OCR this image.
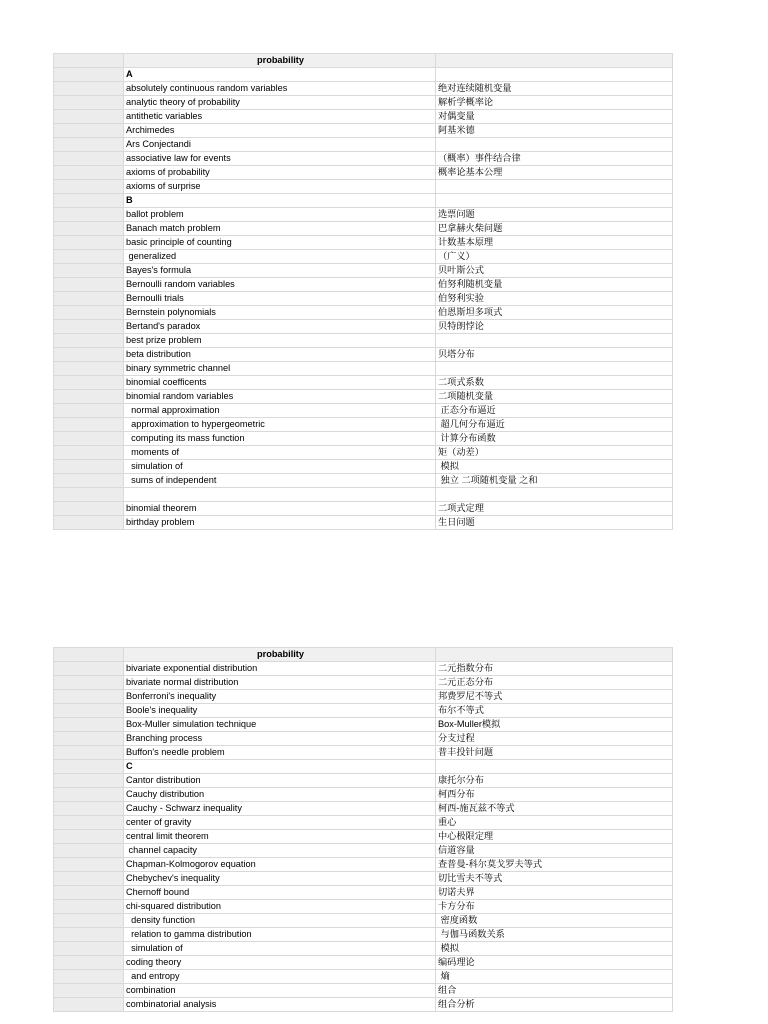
	probability	
	A	
	absolutely continuous random variables	绝对连续随机变量
	analytic theory of probability	解析学概率论
	antithetic variables	对偶变量
	Archimedes	阿基米德
	Ars Conjectandi	
	associative law for events	（概率）事件结合律
	axioms of probability	概率论基本公理
	axioms of surprise	
	B	
	ballot problem	选票问题
	Banach match problem	巴拿赫火柴问题
	basic principle of counting	计数基本原理
	generalized	（广义）
	Bayes's formula	贝叶斯公式
	Bernoulli random variables	伯努利随机变量
	Bernoulli trials	伯努利实验
	Bernstein polynomials	伯恩斯坦多项式
	Bertand's paradox	贝特朗悖论
	best prize problem	
	beta distribution	贝塔分布
	binary symmetric channel	
	binomial coefficents	二项式系数
	binomial random variables	二项随机变量
	normal approximation	正态分布逼近
	approximation to hypergeometric	超几何分布逼近
	computing its mass function	计算分布函数
	moments of	矩（动差）
	simulation of	模拟
	sums of independent	独立 二项随机变量 之和

	binomial theorem	二项式定理
	birthday problem	生日问题
	probability	
	bivariate exponential distribution	二元指数分布
	bivariate normal distribution	二元正态分布
	Bonferroni's inequality	邦费罗尼不等式
	Boole's inequality	布尔不等式
	Box-Muller simulation technique	Box-Muller模拟
	Branching process	分支过程
	Buffon's needle problem	普丰投针问题
	C	
	Cantor distribution	康托尔分布
	Cauchy distribution	柯西分布
	Cauchy - Schwarz inequality	柯西-施瓦兹不等式
	center of gravity	重心
	central limit theorem	中心极限定理
	channel capacity	信道容量
	Chapman-Kolmogorov equation	查普曼-科尔莫戈罗夫等式
	Chebychev's inequality	切比雪夫不等式
	Chernoff bound	切诺夫界
	chi-squared distribution	卡方分布
	density function	密度函数
	relation to gamma distribution	与伽马函数关系
	simulation of	模拟
	coding theory	编码理论
	and entropy	熵
	combination	组合
	combinatorial analysis	组合分析
